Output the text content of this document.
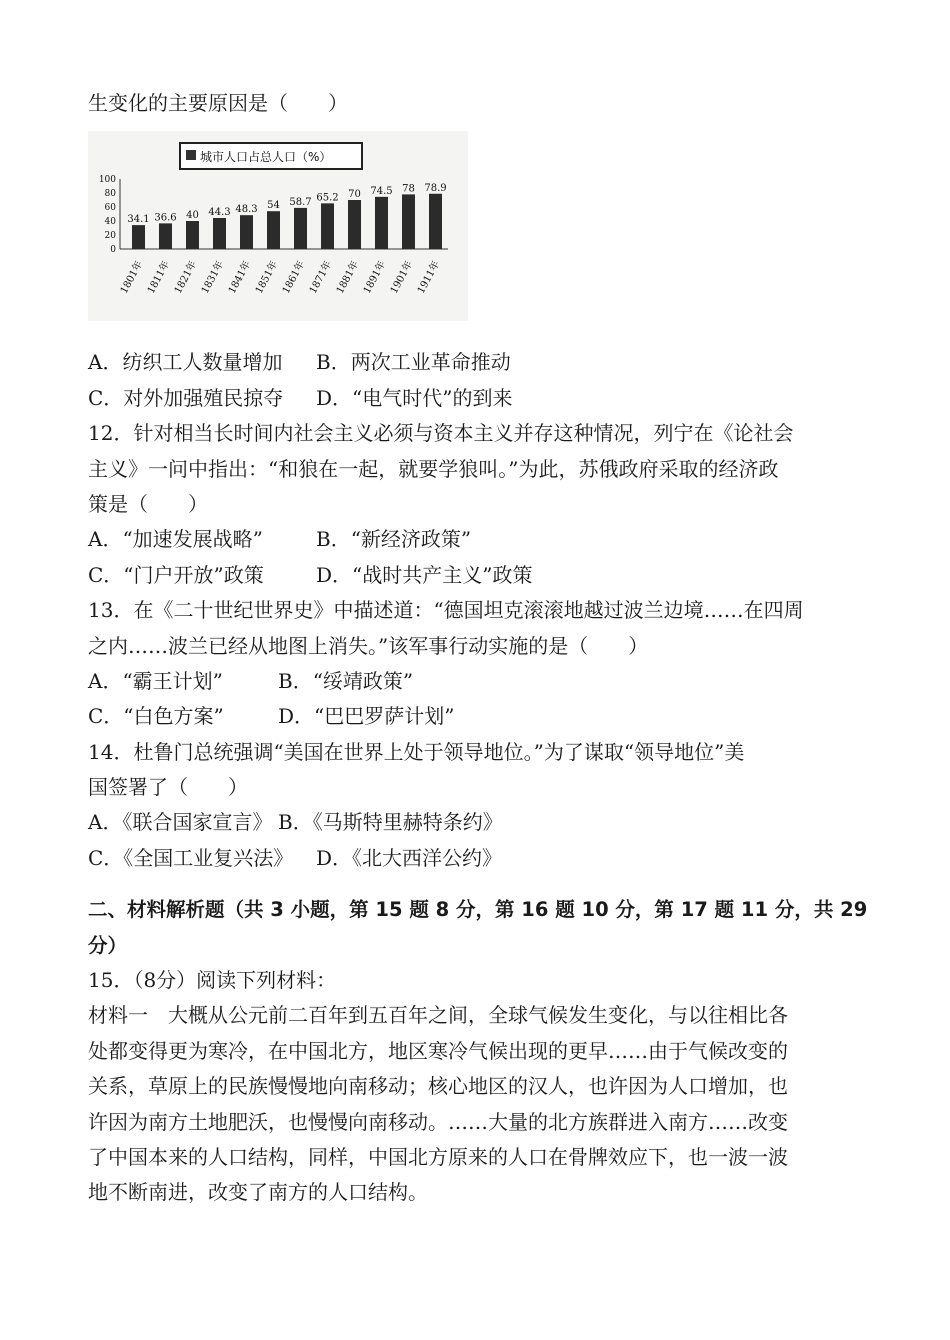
生变化的主要原因是（　　）
城市人口占总人口（%）
100
80
60
40
20
0
34.1 36.6 40 44.3 48.3 54 58.7 65.2 70 74.5 78 78.9
1801年 1811年 1821年 1831年 1841年 1851年 1861年 1871年 1881年 1891年 1901年 1911年
A．纺织工人数量增加 B．两次工业革命推动
C．对外加强殖民掠夺 D．“电气时代”的到来
12．针对相当长时间内社会主义必须与资本主义并存这种情况，列宁在《论社会
主义》一问中指出：“和狼在一起，就要学狼叫。”为此，苏俄政府采取的经济政
策是（　　）
A．“加速发展战略”	B．“新经济政策”
C．“门户开放”政策	D．“战时共产主义”政策
13．在《二十世纪世界史》中描述道：“德国坦克滚滚地越过波兰边境……在四周
之内……波兰已经从地图上消失。”该军事行动实施的是（　　）
A．“霸王计划”	B．“绥靖政策”
C．“白色方案”	D．“巴巴罗萨计划”
14．杜鲁门总统强调“美国在世界上处于领导地位。”为了谋取“领导地位”美
国签署了（　　）
A．《联合国家宣言》 B．《马斯特里赫特条约》
C．《全国工业复兴法》 D．《北大西洋公约》
二、材料解析题（共 3 小题，第 15 题 8 分，第 16 题 10 分，第 17 题 11 分，共 29
分）
15．（8分）阅读下列材料：
材料一　大概从公元前二百年到五百年之间，全球气候发生变化，与以往相比各
处都变得更为寒冷，在中国北方，地区寒冷气候出现的更早……由于气候改变的
关系，草原上的民族慢慢地向南移动；核心地区的汉人，也许因为人口增加，也
许因为南方土地肥沃，也慢慢向南移动。……大量的北方族群进入南方……改变
了中国本来的人口结构，同样，中国北方原来的人口在骨牌效应下，也一波一波
地不断南进，改变了南方的人口结构。
